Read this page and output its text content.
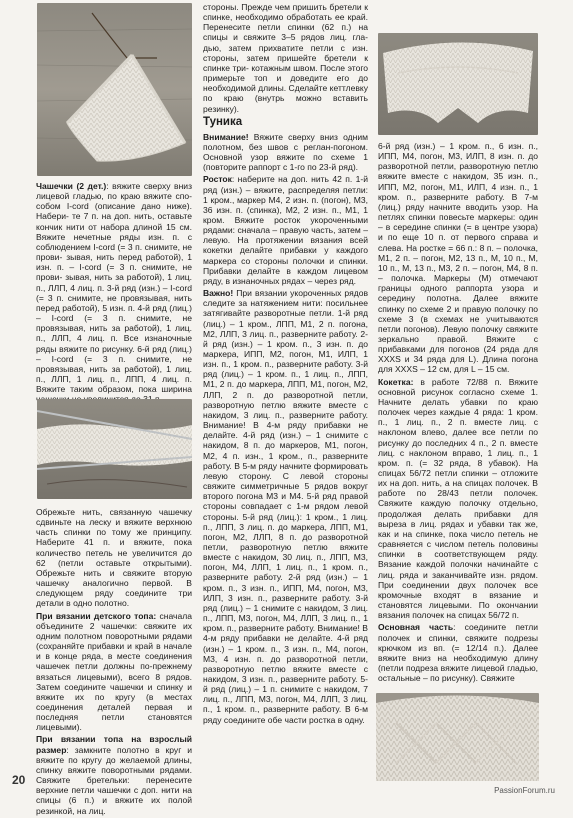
Чашечки (2 дет.): вяжите сверху вниз лицевой гладью, по краю вяжите спо- собом I-cord (описание дано ниже). Набери- те 7 п. на доп. нить, оставьте кончик нити от набора длиной 15 см. Вяжите нечетные ряды изн. п. с соблюдением I-cord (= 3 п. снимите, не прови- зывая, нить перед работой), 1 изн. п. – I-cord (= 3 п. снимите, не прови- зывая, нить за работой), 1 лиц. п., ЛЛП, 4 лиц. п. 3-й ряд (изн.) – I-cord (= 3 п. снимите, не провязывая, нить перед работой), 5 изн. п. 4-й ряд (лиц.) – I-cord (= 3 п. снимите, не провязывая, нить за работой), 1 лиц. п., ЛЛП, 4 лиц. п. Все изнаночные ряды вяжите по рисунку. 6-й ряд (лиц.) – I-cord (= 3 п. снимите, не провязывая, нить за работой), 1 лиц. п., ЛЛП, 1 лиц. п., ЛПП, 4 лиц. п. Вяжите таким образом, пока ширина

Обрежьте нить, связанную чашечку сдвиньте на леску и вяжите верхнюю часть спинки по тому же принципу. Наберите 41 п. и вяжите, пока количество петель не увеличится до 62 (петли оставьте открытыми). Обрежьте нить и свяжите вторую чашечку аналогично первой. В следующем ряду соедините три детали в одно полотно.

При вязании детского топа: сначала объедините 2 чашечки: свяжите их одним полотном поворотными рядами (сохраняйте прибавки и край в начале и в конце ряда, в месте соединения чашечек петли должны по-прежнему вязаться лицевыми), всего 8 рядов. Затем соедините чашечки и спинку и вяжите их по кругу (в местах соединения деталей первая и последняя петли становятся лицевыми).

При вязании топа на взрослый размер: замкните полотно в круг и вяжите по кругу до желаемой длины, спинку вяжите поворотными рядами. Свяжите бретельки: перенесите верхние петли чашечки с доп. нити на спицы (6 п.) и вяжите их полой резинкой, на лиц.

стороны. Прежде чем пришить бретели к спинке, необходимо обработать ее край. Перенесите петли спинки (62 п.) на спицы и свяжите 3–5 рядов лиц. гла- дью, затем прихватите петли с изн. стороны, затем пришейте бретели к спинке три- котажным швом. После этого примерьте топ и доведите его до необходимой длины. Сделайте кеттлевку по краю (внутрь можно вставить резинку).

Туника

Внимание! Вяжите сверху вниз одним полотном, без швов с реглан-погоном. Основной узор вяжите по схеме 1 (повторите раппорт с 1-го по 23-й ряд).

Росток: наберите на доп. нить 42 п. 1-й ряд (изн.) – вяжите, распределяя петли: 1 кром., маркер М4, 2 изн. п. (погон), М3, 36 изн. п. (спинка), М2, 2 изн. п., М1, 1 кром. Вяжите росток укороченными рядами: сначала – правую часть, затем – левую. На протяжении вязания всей кокетки делайте прибавки у каждого маркера со стороны полочки и спинки. Прибавки делайте в каждом лицевом ряду, в изнаночных рядах – через ряд.

Важно! При вязании укороченных рядов следите за натяжением нити: посильнее затягивайте разворотные петли. 1-й ряд (лиц.) – 1 кром., ЛПП, М1, 2 п. погона, М2, ЛЛП, 3 лиц. п., разверните работу. 2-й ряд (изн.) – 1 кром. п., 3 изн. п. до маркера, ИПП, М2, погон, М1, ИЛП, 1 изн. п., 1 кром. п., разверните работу. 3-й ряд (лиц.) – 1 кром. п., 1 лиц. п., ЛПП, М1, 2 п. до маркера, ЛПП, М1, погон, М2, ЛЛП, 2 п. до разворотной петли, разворотную петлю вяжите вместе с накидом, 3 лиц. п., разверните работу. Внимание! В 4-м ряду прибавки не делайте. 4-й ряд (изн.) – 1 снимите с накидом, 8 п. до маркеров, М1, погон, М2, 4 п. изн., 1 кром., п., разверните работу. В 5-м ряду начните формировать левую сторону. С левой стороны свяжите симметричные 5 рядов вокруг второго погона М3 и М4. 5-й ряд правой стороны совпадает с 1-м рядом левой стороны. 5-й ряд (лиц.): 1 кром., 1 лиц. п., ЛПП, 3 лиц. п. до маркера, ЛПП, М1, погон, М2, ЛЛП, 8 п. до разворотной петли, разворотную петлю вяжите вместе с накидом, 30 лиц. п., ЛПП, М3, погон, М4, ЛЛП, 1 лиц. п., 1 кром. п., разверните работу. 2-й ряд (изн.) – 1 кром. п., 3 изн. п., ИПП, М4, погон, М3, ИЛП, 3 изн. п., разверните работу. 3-й ряд (лиц.) – 1 снимите с накидом, 3 лиц. п., ЛПП, М3, погон, М4, ЛЛП, 3 лиц. п., 1 кром. п., разверните работу. Внимание! В 4-м ряду прибавки не делайте. 4-й ряд (изн.) – 1 кром. п., 3 изн. п., М4, погон, М3, 4 изн. п. до разворотной петли, разворотную петлю вяжите вместе с накидом, 3 изн. п., разверните работу. 5-й ряд (лиц.) – 1 п. снимите с накидом, 7 лиц. п., ЛПП, М3, погон, М4, ЛЛП, 3 лиц. п., 1 кром. п., разверните работу. В 6-м ряду соедините обе части ростка в одну.

6-й ряд (изн.) – 1 кром. п., 6 изн. п., ИПП, М4, погон, М3, ИЛП, 8 изн. п. до разворотной петли, разворотную петлю вяжите вместе с накидом, 35 изн. п., ИПП, М2, погон, М1, ИЛП, 4 изн. п., 1 кром. п., разверните работу. В 7-м (лиц.) ряду начните вводить узор. На петлях спинки повесьте маркеры: один – в середине спинки (= в центре узора) и по еще 10 п. от первого справа и слева. На ростке = 66 п.: 8 п. – полочка, М1, 2 п. – погон, М2, 13 п., М, 10 п., М, 10 п., М, 13 п., М3, 2 п. – погон, М4, 8 п. – полочка. Маркеры (М) отмечают границы одного раппорта узора и середину полотна. Далее вяжите спинку по схеме 2 и правую полочку по схеме 3 (в схемах не учитываются петли погонов). Левую полочку свяжите зеркально правой. Вяжите с прибавками для погонов (24 ряда для XXXS и 34 ряда для L). Длина погона для XXXS – 12 см, для L – 15 см.

Кокетка: в работе 72/88 п. Вяжите основной рисунок согласно схеме 1. Начните делать убавки по краю полочек через каждые 4 ряда: 1 кром. п., 1 лиц. п., 2 п. вместе лиц. с наклоном влево, далее все петли по рисунку до последних 4 п., 2 п. вместе лиц. с наклоном вправо, 1 лиц. п., 1 кром. п. (= 32 ряда, 8 убавок). На спицах 56/72 петли спинки – отложите их на доп. нить, а на спицах полочек. В работе по 28/43 петли полочек. Свяжите каждую полочку отдельно, продолжая делать прибавки для выреза в лиц. рядах и убавки так же, как и на спинке, пока число петель не сравняется с числом петель половины спинки в соответствующем ряду. Вязание каждой полочки начинайте с лиц. ряда и заканчивайте изн. рядом. При соединении двух полочек все кромочные входят в вязание и становятся лицевыми. По окончании вязания полочек на спицах 56/72 п.

Основная часть: соедините петли полочек и спинки, свяжите подрезы крючком из вп. (= 12/14 п.). Далее вяжите вниз на необходимую длину (петли подреза вяжите лицевой гладью, остальные – по рисунку). Свяжите

20
PassionForum.ru
